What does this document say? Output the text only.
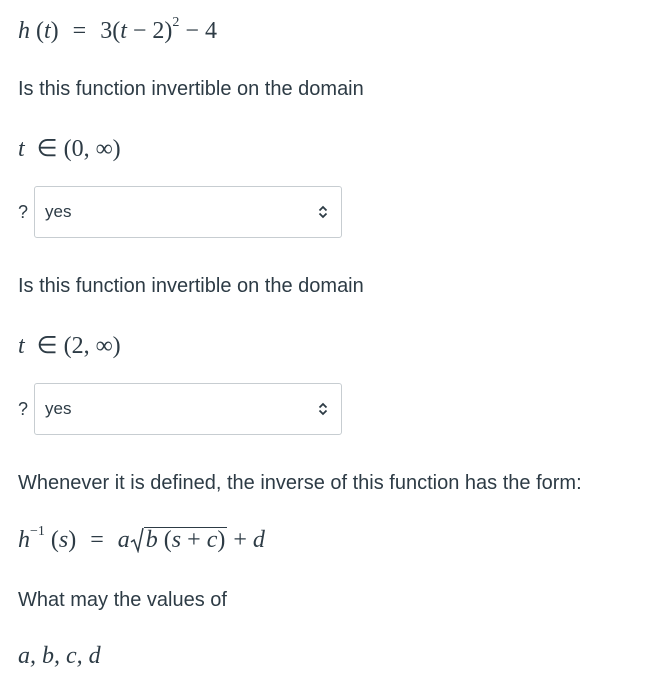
h $(t) = 3(t - 2)^2 - 4$
Is this function invertible on the domain
t ∈ (0, ∞)
? yes
Is this function invertible on the domain
t ∈ (2, ∞)
? yes
Whenever it is defined, the inverse of this function has the form:
$h^{-1}$ (s) = a b (s + c) + d
What may the values of
a, b, c, d
